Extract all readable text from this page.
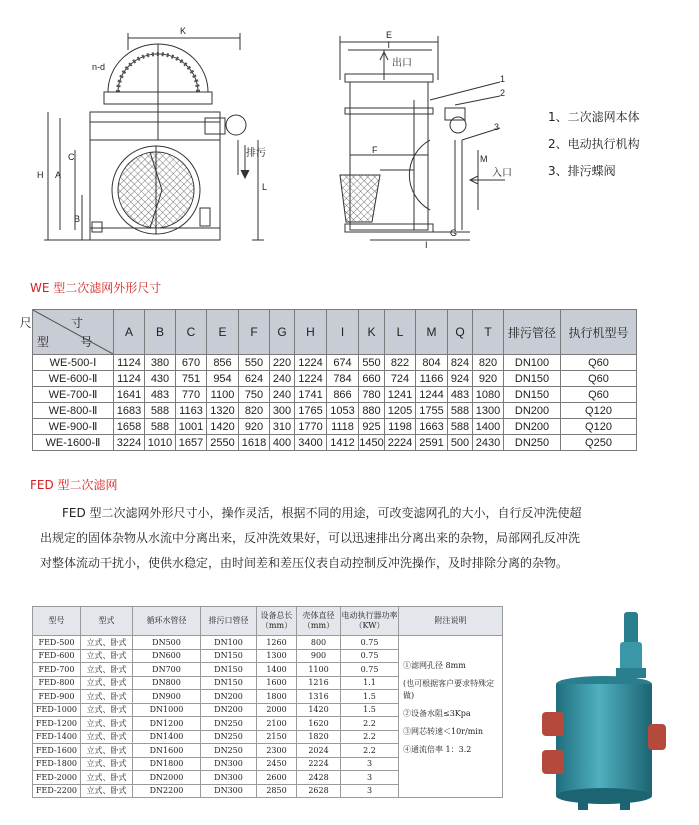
K
n-d
H A
C
B
L
排污
E
T
出口
1
2
3
F
M
入口
G
I
1、二次滤网本体
2、电动执行机构
3、排污蝶阀
WE 型二次滤网外形尺寸
尺 寸
型 号	A	B	C	E	F	G	H	I	K	L	M	Q	T	排污管径	执行机型号
WE-500-Ⅰ	1124	380	670	856	550	220	1224	674	550	822	804	824	820	DN100	Q60
WE-600-Ⅱ	1124	430	751	954	624	240	1224	784	660	724	1166	924	920	DN150	Q60
WE-700-Ⅱ	1641	483	770	1100	750	240	1741	866	780	1241	1244	483	1080	DN150	Q60
WE-800-Ⅱ	1683	588	1163	1320	820	300	1765	1053	880	1205	1755	588	1300	DN200	Q120
WE-900-Ⅱ	1658	588	1001	1420	920	310	1770	1118	925	1198	1663	588	1400	DN200	Q120
WE-1600-Ⅱ	3224	1010	1657	2550	1618	400	3400	1412	1450	2224	2591	500	2430	DN250	Q250
FED 型二次滤网
FED 型二次滤网外形尺寸小，操作灵活，根据不同的用途，可改变滤网孔的大小，自行反冲洗使超
出规定的固体杂物从水流中分离出来，反冲洗效果好，可以迅速排出分离出来的杂物，局部网孔反冲洗
对整体流动干扰小，使供水稳定，由时间差和差压仪表自动控制反冲洗操作，及时排除分离的杂物。
型号	型式	循环水管径	排污口管径	设备总长（mm）	壳体直径（mm）	电动执行器功率（KW）	附注说明
FED-500	立式、卧式	DN500	DN100	1260	800	0.75	①滤网孔径 8mm
(也可根据客户要求特殊定做)
②设备水阻≤3Kpa
③网芯转速＜10r/min
④通流倍率 1：3.2

FED-600	立式、卧式	DN600	DN150	1300	900	0.75	
FED-700	立式、卧式	DN700	DN150	1400	1100	0.75	
FED-800	立式、卧式	DN800	DN150	1600	1216	1.1	
FED-900	立式、卧式	DN900	DN200	1800	1316	1.5	
FED-1000	立式、卧式	DN1000	DN200	2000	1420	1.5	
FED-1200	立式、卧式	DN1200	DN250	2100	1620	2.2	
FED-1400	立式、卧式	DN1400	DN250	2150	1820	2.2	
FED-1600	立式、卧式	DN1600	DN250	2300	2024	2.2	
FED-1800	立式、卧式	DN1800	DN300	2450	2224	3	
FED-2000	立式、卧式	DN2000	DN300	2600	2428	3	
FED-2200	立式、卧式	DN2200	DN300	2850	2628	3	
